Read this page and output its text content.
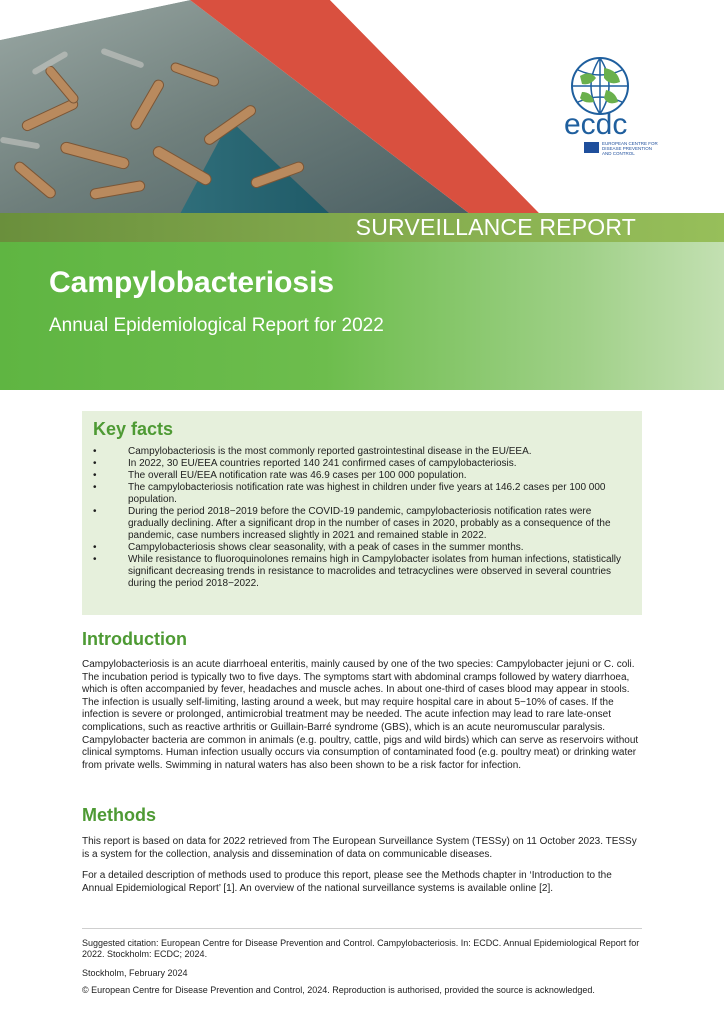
ecdc
EUROPEAN CENTRE FOR
DISEASE PREVENTION
AND CONTROL
SURVEILLANCE REPORT
Campylobacteriosis
Annual Epidemiological Report for 2022
Key facts
• Campylobacteriosis is the most commonly reported gastrointestinal disease in the EU/EEA.
• In 2022, 30 EU/EEA countries reported 140 241 confirmed cases of campylobacteriosis.
• The overall EU/EEA notification rate was 46.9 cases per 100 000 population.
• The campylobacteriosis notification rate was highest in children under five years at 146.2 cases per 100 000 population.
• During the period 2018−2019 before the COVID-19 pandemic, campylobacteriosis notification rates were gradually declining. After a significant drop in the number of cases in 2020, probably as a consequence of the pandemic, case numbers increased slightly in 2021 and remained stable in 2022.
• Campylobacteriosis shows clear seasonality, with a peak of cases in the summer months.
• While resistance to fluoroquinolones remains high in Campylobacter isolates from human infections, statistically significant decreasing trends in resistance to macrolides and tetracyclines were observed in several countries during the period 2018−2022.
Introduction

Campylobacteriosis is an acute diarrhoeal enteritis, mainly caused by one of the two species: Campylobacter jejuni or C. coli. The incubation period is typically two to five days. The symptoms start with abdominal cramps followed by watery diarrhoea, which is often accompanied by fever, headaches and muscle aches. In about one-third of cases blood may appear in stools. The infection is usually self-limiting, lasting around a week, but may require hospital care in about 5−10% of cases. If the infection is severe or prolonged, antimicrobial treatment may be needed. The acute infection may lead to rare late-onset complications, such as reactive arthritis or Guillain-Barré syndrome (GBS), which is an acute neuromuscular paralysis. Campylobacter bacteria are common in animals (e.g. poultry, cattle, pigs and wild birds) which can serve as reservoirs without clinical symptoms. Human infection usually occurs via consumption of contaminated food (e.g. poultry meat) or drinking water from private wells. Swimming in natural waters has also been shown to be a risk factor for infection.

Methods

This report is based on data for 2022 retrieved from The European Surveillance System (TESSy) on 11 October 2023. TESSy is a system for the collection, analysis and dissemination of data on communicable diseases.

For a detailed description of methods used to produce this report, please see the Methods chapter in ‘Introduction to the Annual Epidemiological Report’ [1]. An overview of the national surveillance systems is available online [2].

Suggested citation: European Centre for Disease Prevention and Control. Campylobacteriosis. In: ECDC. Annual Epidemiological Report for 2022. Stockholm: ECDC; 2024.

Stockholm, February 2024

© European Centre for Disease Prevention and Control, 2024. Reproduction is authorised, provided the source is acknowledged.
